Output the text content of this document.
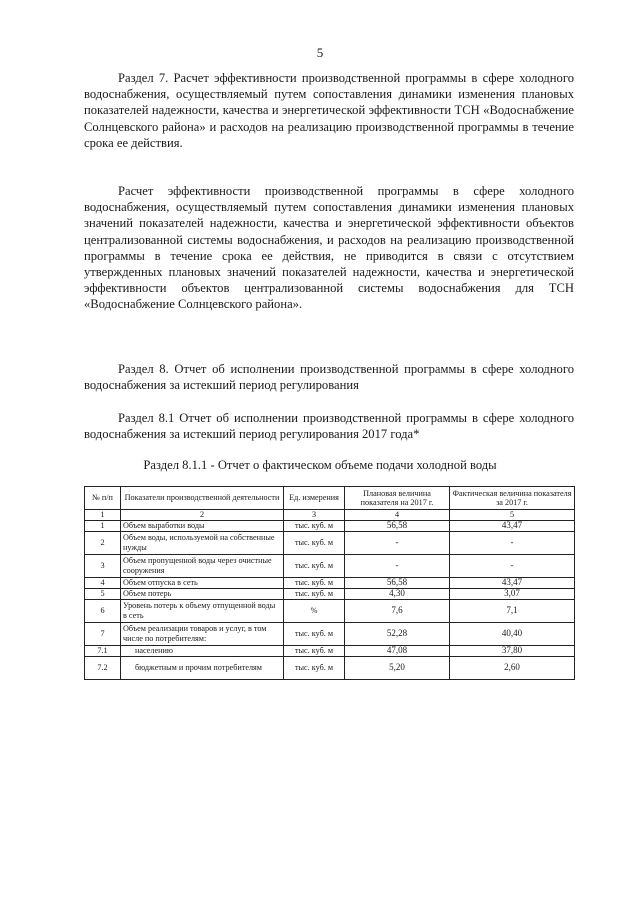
5
Раздел 7. Расчет эффективности производственной программы в сфере холодного водоснабжения, осуществляемый путем сопоставления динамики изменения плановых показателей надежности, качества и энергетической эффективности ТСН «Водоснабжение Солнцевского района» и расходов на реализацию производственной программы в течение срока ее действия.
Расчет эффективности производственной программы в сфере холодного водоснабжения, осуществляемый путем сопоставления динамики изменения плановых значений показателей надежности, качества и энергетической эффективности объектов централизованной системы водоснабжения, и расходов на реализацию производственной программы в течение срока ее действия, не приводится в связи с отсутствием утвержденных плановых значений показателей надежности, качества и энергетической эффективности объектов централизованной системы водоснабжения для ТСН «Водоснабжение Солнцевского района».
Раздел 8. Отчет об исполнении производственной программы в сфере холодного водоснабжения за истекший период регулирования
Раздел 8.1 Отчет об исполнении производственной программы в сфере холодного водоснабжения за истекший период регулирования 2017 года*
Раздел 8.1.1 - Отчет о фактическом объеме подачи холодной воды
№ п/п	Показатели производственной деятельности	Ед. измерения	Плановая величина показателя на 2017 г.	Фактическая величина показателя за 2017 г.
1	2	3	4	5
1	Объем выработки воды	тыс. куб. м	56,58	43,47
2	Объем воды, используемой на собственные нужды	тыс. куб. м	-	-
3	Объем пропущенной воды через очистные сооружения	тыс. куб. м	-	-
4	Объем отпуска в сеть	тыс. куб. м	56,58	43,47
5	Объем потерь	тыс. куб. м	4,30	3,07
6	Уровень потерь к объему отпущенной воды в сеть	%	7,6	7,1
7	Объем реализации товаров и услуг, в том числе по потребителям:	тыс. куб. м	52,28	40,40
7.1	населению	тыс. куб. м	47,08	37,80
7.2	бюджетным и прочим потребителям	тыс. куб. м	5,20	2,60
